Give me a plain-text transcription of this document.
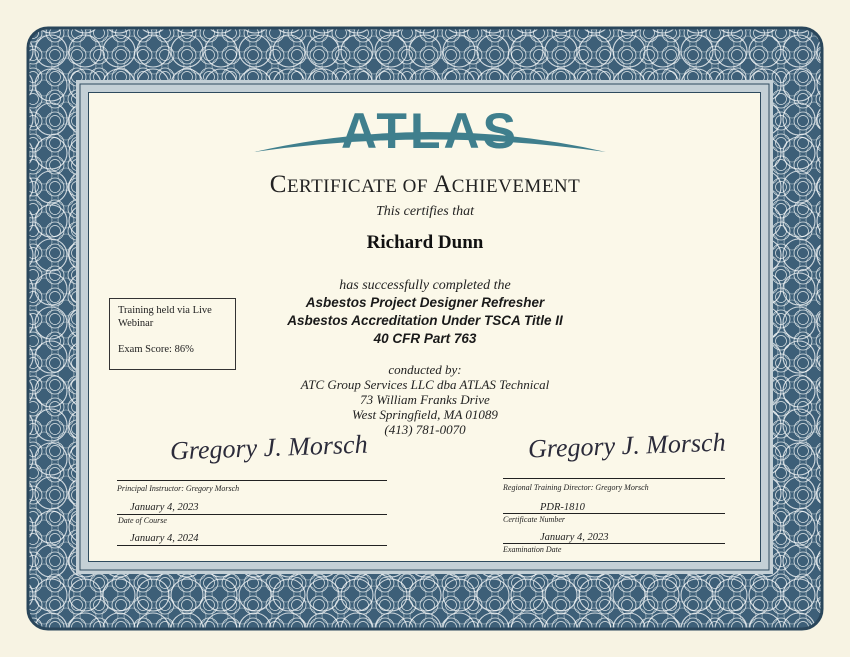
ATLAS

CERTIFICATE OF ACHIEVEMENT

This certifies that

Richard Dunn

has successfully completed the

Asbestos Project Designer Refresher

Asbestos Accreditation Under TSCA Title II

40 CFR Part 763

conducted by:

ATC Group Services LLC dba ATLAS Technical

73 William Franks Drive

West Springfield, MA 01089

(413) 781-0070

Training held via Live
Webinar
Exam Score: 86%

Gregory J. Morsch

Principal Instructor: Gregory Morsch

Gregory J. Morsch

Regional Training Director: Gregory Morsch
January 4, 2023
Date of Course
January 4, 2024
PDR-1810
Certificate Number
January 4, 2023
Examination Date
